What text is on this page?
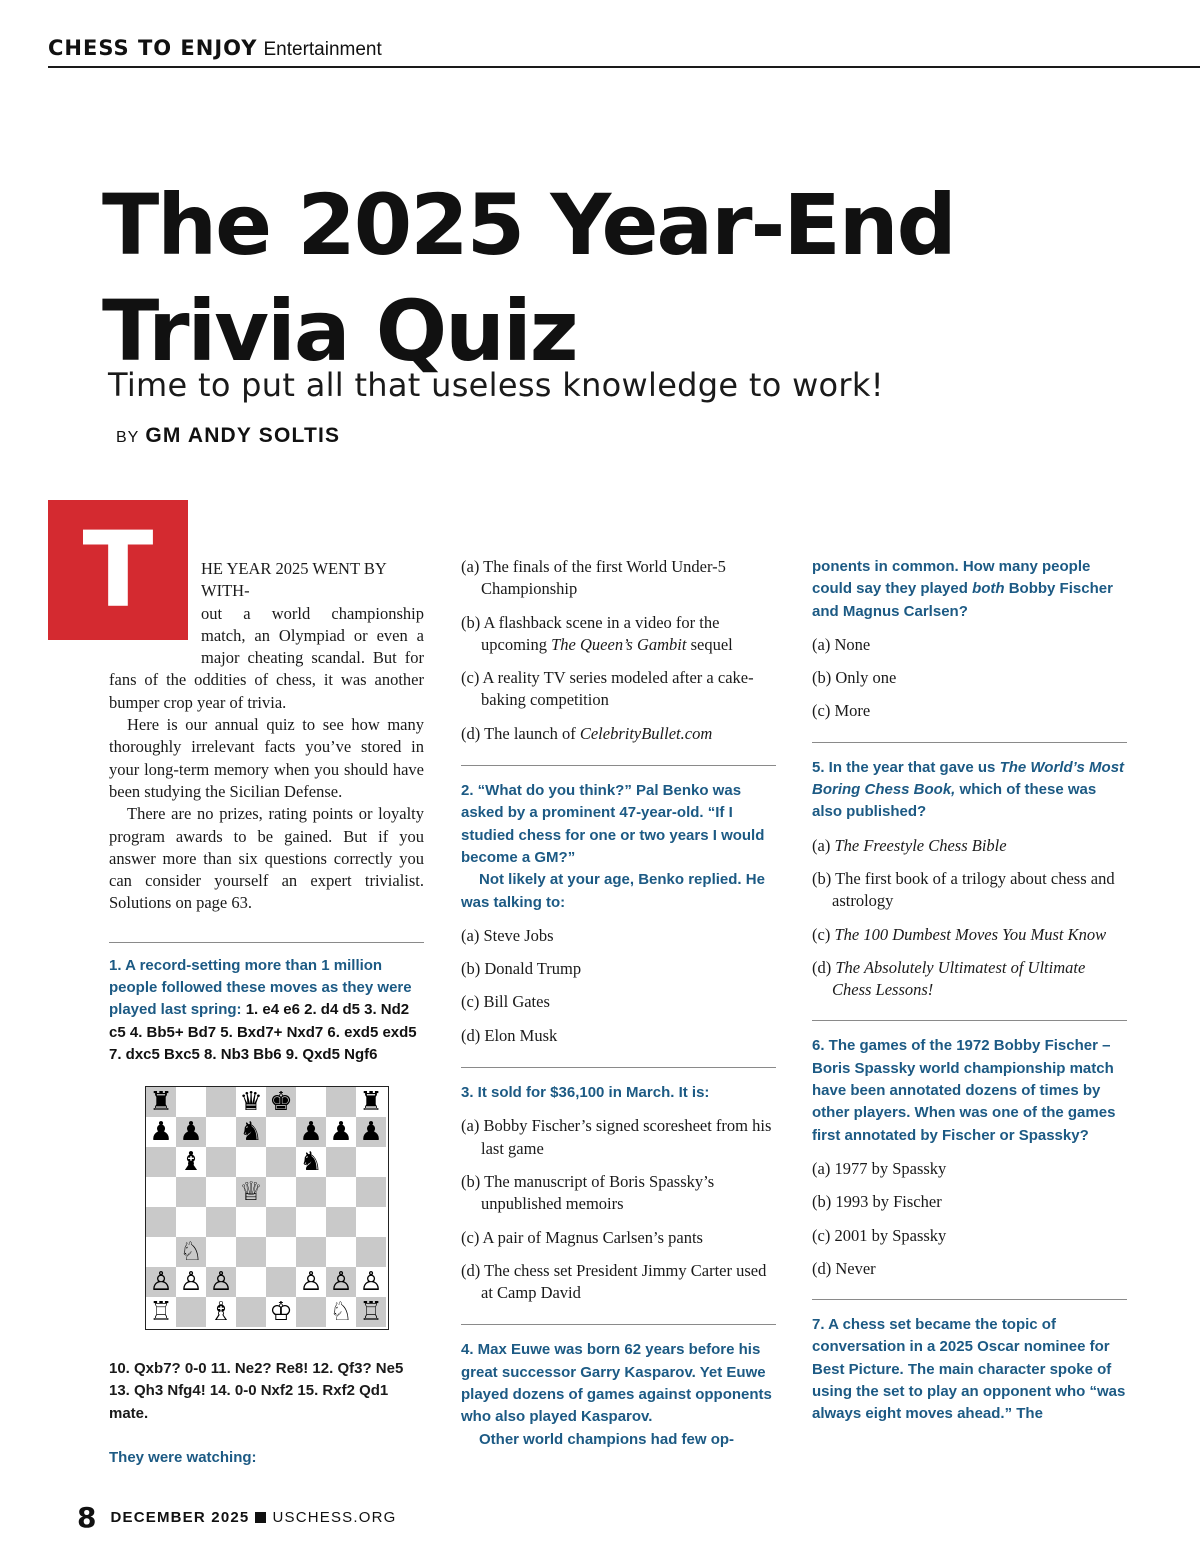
CHESS TO ENJOY Entertainment
The 2025 Year-End
Trivia Quiz
Time to put all that useless knowledge to work!
BY GM ANDY SOLTIS
T	HE YEAR 2025 WENT BY WITH-
out a world championship
match, an Olympiad or even a
major cheating scandal. But for

fans of the oddities of chess, it was another bumper crop year of trivia.

Here is our annual quiz to see how many thoroughly irrelevant facts you’ve stored in your long-term memory when you should have been studying the Sicilian Defense.

There are no prizes, rating points or loyalty program awards to be gained. But if you answer more than six questions correctly you can consider yourself an expert trivialist. Solutions on page 63.

1. A record-setting more than 1 million people followed these moves as they were played last spring: 1. e4 e6 2. d4 d5 3. Nd2 c5 4. Bb5+ Bd7 5. Bxd7+ Nxd7 6. exd5 exd5 7. dxc5 Bxc5 8. Nb3 Bb6 9. Qxd5 Ngf6
♜	♛ ♚	♜
♟ ♟ ♞ ♟ ♟ ♟
♝	♞
♕
♘
♙ ♙ ♙	♙ ♙ ♙
♖ ♗ ♔ ♘ ♖
10. Qxb7? 0-0 11. Ne2? Re8! 12. Qf3? Ne5 13. Qh3 Nfg4! 14. 0-0 Nxf2 15. Rxf2 Qd1 mate.
They were watching:
(a) The finals of the first World Under-5 Championship
(b) A flashback scene in a video for the upcoming The Queen’s Gambit sequel
(c) A reality TV series modeled after a cake-baking competition
(d) The launch of CelebrityBullet.com

2. “What do you think?” Pal Benko was asked by a prominent 47-year-old. “If I studied chess for one or two years I would become a GM?”

Not likely at your age, Benko replied. He was talking to:

(a) Steve Jobs
(b) Donald Trump
(c) Bill Gates
(d) Elon Musk
3. It sold for $36,100 in March. It is:
(a) Bobby Fischer’s signed scoresheet from his last game
(b) The manuscript of Boris Spassky’s unpublished memoirs
(c) A pair of Magnus Carlsen’s pants
(d) The chess set President Jimmy Carter used at Camp David

4. Max Euwe was born 62 years before his great successor Garry Kasparov. Yet Euwe played dozens of games against opponents who also played Kasparov.

Other world champions had few op-

ponents in common. How many people could say they played both Bobby Fischer and Magnus Carlsen?
(a) None
(b) Only one
(c) More
5. In the year that gave us The World’s Most Boring Chess Book, which of these was also published?
(a) The Freestyle Chess Bible
(b) The first book of a trilogy about chess and astrology
(c) The 100 Dumbest Moves You Must Know
(d) The Absolutely Ultimatest of Ultimate Chess Lessons!
6. The games of the 1972 Bobby Fischer – Boris Spassky world championship match have been annotated dozens of times by other players. When was one of the games first annotated by Fischer or Spassky?
(a) 1977 by Spassky
(b) 1993 by Fischer
(c) 2001 by Spassky
(d) Never
7. A chess set became the topic of conversation in a 2025 Oscar nominee for Best Picture. The main character spoke of using the set to play an opponent who “was always eight moves ahead.” The
8 DECEMBER 2025 USCHESS.ORG
